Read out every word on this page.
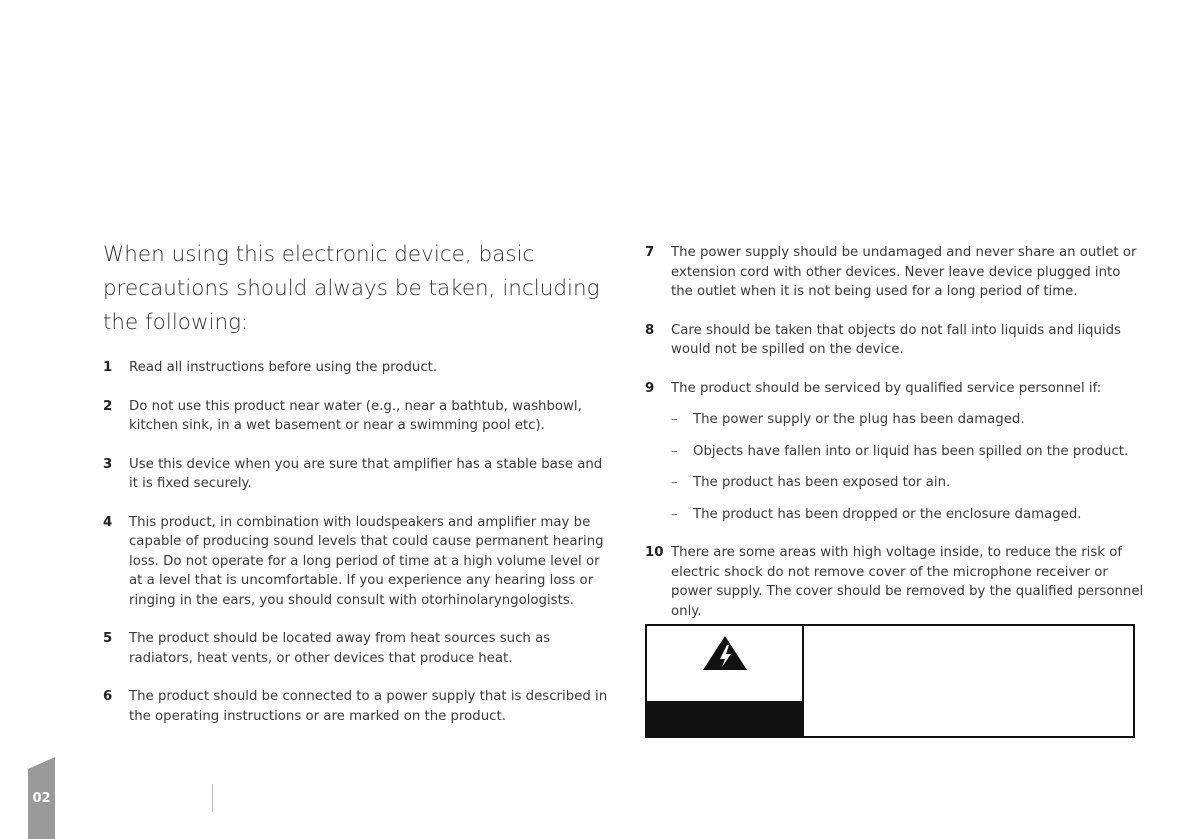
When using this electronic device, basic precautions should always be taken, including the following:
1	Read all instructions before using the product.
2	Do not use this product near water (e.g., near a bathtub, washbowl, kitchen sink, in a wet basement or near a swimming pool etc).
3	Use this device when you are sure that amplifier has a stable base and it is fixed securely.
4	This product, in combination with loudspeakers and amplifier may be capable of producing sound levels that could cause permanent hearing loss. Do not operate for a long period of time at a high volume level or at a level that is uncomfortable. If you experience any hearing loss or ringing in the ears, you should consult with otorhinolaryngologists.
5	The product should be located away from heat sources such as radiators, heat vents, or other devices that produce heat.
6	The product should be connected to a power supply that is described in the operating instructions or are marked on the product.
7	The power supply should be undamaged and never share an outlet or extension cord with other devices. Never leave device plugged into the outlet when it is not being used for a long period of time.
8	Care should be taken that objects do not fall into liquids and liquids would not be spilled on the device.
9	The product should be serviced by qualified service personnel if:
–	The power supply or the plug has been damaged.
–	Objects have fallen into or liquid has been spilled on the product.
–	The product has been exposed tor ain.
–	The product has been dropped or the enclosure damaged.
10 There are some areas with high voltage inside, to reduce the risk of electric shock do not remove cover of the microphone receiver or power supply. The cover should be removed by the qualified personnel only.
02
